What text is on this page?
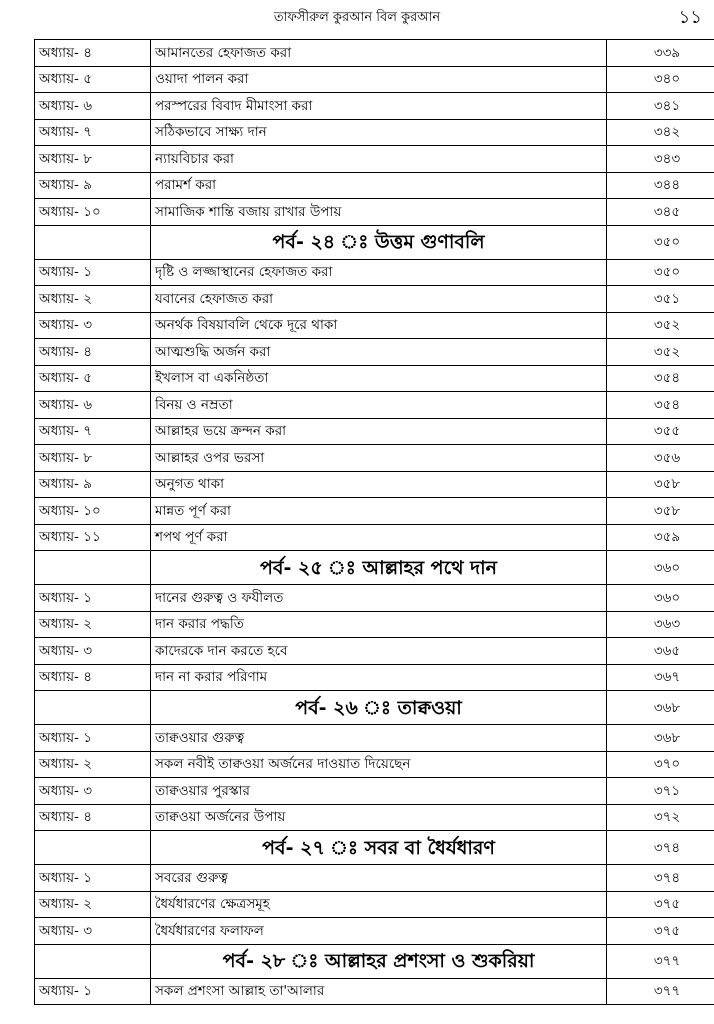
তাফসীরুল কুরআন বিল কুরআন	১১
অধ্যায়- ৪	আমানতের হেফাজত করা	৩৩৯
অধ্যায়- ৫	ওয়াদা পালন করা	৩৪০
অধ্যায়- ৬	পরস্পরের বিবাদ মীমাংসা করা	৩৪১
অধ্যায়- ৭	সঠিকভাবে সাক্ষ্য দান	৩৪২
অধ্যায়- ৮	ন্যায়বিচার করা	৩৪৩
অধ্যায়- ৯	পরামর্শ করা	৩৪৪
অধ্যায়- ১০	সামাজিক শান্তি বজায় রাখার উপায়	৩৪৫
	পর্ব- ২৪ ঃ উত্তম গুণাবলি	৩৫০
অধ্যায়- ১	দৃষ্টি ও লজ্জাস্থানের হেফাজত করা	৩৫০
অধ্যায়- ২	যবানের হেফাজত করা	৩৫১
অধ্যায়- ৩	অনর্থক বিষয়াবলি থেকে দূরে থাকা	৩৫২
অধ্যায়- ৪	আত্মশুদ্ধি অর্জন করা	৩৫২
অধ্যায়- ৫	ইখলাস বা একনিষ্ঠতা	৩৫৪
অধ্যায়- ৬	বিনয় ও নম্রতা	৩৫৪
অধ্যায়- ৭	আল্লাহর ভয়ে ক্রন্দন করা	৩৫৫
অধ্যায়- ৮	আল্লাহর ওপর ভরসা	৩৫৬
অধ্যায়- ৯	অনুগত থাকা	৩৫৮
অধ্যায়- ১০	মান্নত পূর্ণ করা	৩৫৮
অধ্যায়- ১১	শপথ পূর্ণ করা	৩৫৯
	পর্ব- ২৫ ঃ আল্লাহর পথে দান	৩৬০
অধ্যায়- ১	দানের গুরুত্ব ও ফযীলত	৩৬০
অধ্যায়- ২	দান করার পদ্ধতি	৩৬৩
অধ্যায়- ৩	কাদেরকে দান করতে হবে	৩৬৫
অধ্যায়- ৪	দান না করার পরিণাম	৩৬৭
	পর্ব- ২৬ ঃ তাক্বওয়া	৩৬৮
অধ্যায়- ১	তাক্বওয়ার গুরুত্ব	৩৬৮
অধ্যায়- ২	সকল নবীই তাক্বওয়া অর্জনের দাওয়াত দিয়েছেন	৩৭০
অধ্যায়- ৩	তাক্বওয়ার পুরস্কার	৩৭১
অধ্যায়- ৪	তাক্বওয়া অর্জনের উপায়	৩৭২
	পর্ব- ২৭ ঃ সবর বা ধৈর্যধারণ	৩৭৪
অধ্যায়- ১	সবরের গুরুত্ব	৩৭৪
অধ্যায়- ২	ধৈর্যধারণের ক্ষেত্রসমূহ	৩৭৫
অধ্যায়- ৩	ধৈর্যধারণের ফলাফল	৩৭৫
	পর্ব- ২৮ ঃ আল্লাহর প্রশংসা ও শুকরিয়া	৩৭৭
অধ্যায়- ১	সকল প্রশংসা আল্লাহ তা'আলার	৩৭৭
